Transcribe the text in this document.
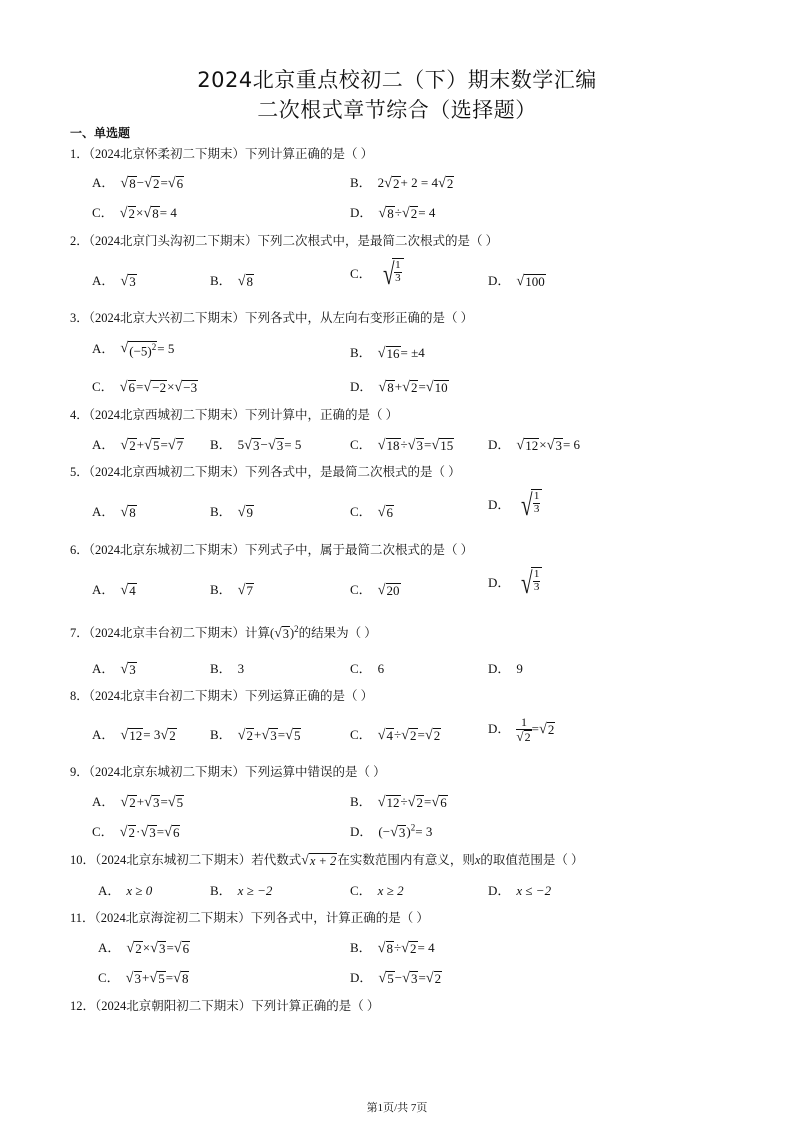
2024北京重点校初二（下）期末数学汇编
二次根式章节综合（选择题）
一、单选题
1．（2024北京怀柔初二下期末）下列计算正确的是（ ）
A． √ 8 − √ 2 = √ 6	B． 2 √ 2 + 2 = 4 √ 2
C． √ 2 × √ 8 = 4	D． √ 8 ÷ √ 2 = 4
2．（2024北京门头沟初二下期末）下列二次根式中，是最简二次根式的是（ ）
A． √ 3	B． √ 8
C． √ $\frac{1}{3}$	D． √ 100
3．（2024北京大兴初二下期末）下列各式中，从左向右变形正确的是（ ）
A． √ $(-5)^2 = 5$	B． √ 16 = ±4
C． √ 6 = √ −2 × √ −3	D． √ 8 + √ 2 = √ 10
4．（2024北京西城初二下期末）下列计算中，正确的是（ ）
A． √ 2 + √ 5 = √ 7 B． 5 √ 3 − √ 3 = 5	C． √ 18 ÷ √ 3 = √ 15	D． √ 12 × √ 3 = 6
5．（2024北京西城初二下期末）下列各式中，是最简二次根式的是（ ）
A． √ 8	B． √ 9	C． √ 6
D． √ $\frac{1}{3}$
6．（2024北京东城初二下期末）下列式子中，属于最简二次根式的是（ ）
A． √ 4	B． √ 7	C． √ 20
D． √ $\frac{1}{3}$
7．（2024北京丰台初二下期末）计算( √ 3 )$^2$的结果为（ ）
A． √ 3	B． 3	C． 6	D． 9
8．（2024北京丰台初二下期末）下列运算正确的是（ ）
A． √ 12 = 3 √ 2	B． √ 2 + √ 3 = √ 5	C． √ 4 ÷ √ 2 = √ 2	D． $\frac{1}{√ 2}$ = √ 2
9．（2024北京东城初二下期末）下列运算中错误的是（ ）
A． √ 2 + √ 3 = √ 5	B． √ 12 ÷ √ 2 = √ 6
C． √ 2 · √ 3 = √ 6	D． (− √ 3 )$^2$= 3
10．（2024北京东城初二下期末）若代数式 √ x + 2 在实数范围内有意义，则x的取值范围是（ ）
A． x ≥ 0	B． x ≥ −2	C． x ≥ 2	D． x ≤ −2
11．（2024北京海淀初二下期末）下列各式中，计算正确的是（ ）
A． √ 2 × √ 3 = √ 6	B． √ 8 ÷ √ 2 = 4
C． √ 3 + √ 5 = √ 8	D． √ 5 − √ 3 = √ 2
12．（2024北京朝阳初二下期末）下列计算正确的是（ ）
第1页/共 7页
